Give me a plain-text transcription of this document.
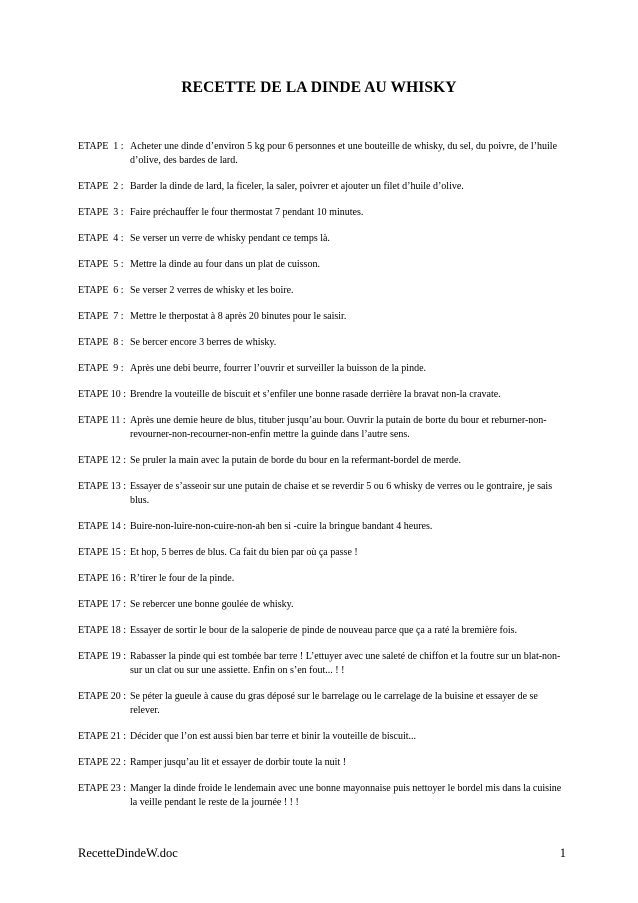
RECETTE DE LA DINDE AU WHISKY
ETAPE  1 : Acheter une dinde d’environ 5 kg pour 6 personnes et une bouteille de whisky, du sel, du poivre, de l’huile d’olive, des bardes de lard.
ETAPE  2 : Barder la dinde de lard, la ficeler, la saler, poivrer et ajouter un filet d’huile d’olive.
ETAPE  3 : Faire préchauffer le four thermostat 7 pendant 10 minutes.
ETAPE  4 : Se verser un verre de whisky pendant ce temps là.
ETAPE  5 : Mettre la dinde au four dans un plat de cuisson.
ETAPE  6 : Se verser 2 verres de whisky et les boire.
ETAPE  7 : Mettre le therpostat à 8 après 20 binutes pour le saisir.
ETAPE  8 : Se bercer encore 3 berres de whisky.
ETAPE  9 : Après une debi beurre, fourrer l’ouvrir et surveiller la buisson de la pinde.
ETAPE 10 : Brendre la vouteille de biscuit et s’enfiler une bonne rasade derrière la bravat non-la cravate.
ETAPE 11 : Après une demie heure de blus, tituber jusqu’au bour. Ouvrir la putain de borte du bour et reburner-non-revourner-non-recourner-non-enfin mettre la guinde dans l’autre sens.
ETAPE 12 : Se pruler la main avec la putain de borde du bour en la refermant-bordel de merde.
ETAPE 13 : Essayer de s’asseoir sur une putain de chaise et se reverdir 5 ou 6 whisky de verres ou le gontraire, je sais blus.
ETAPE 14 : Buire-non-luire-non-cuire-non-ah ben si -cuire la bringue bandant 4 heures.
ETAPE 15 : Et hop, 5 berres de blus. Ca fait du bien par où ça passe !
ETAPE 16 : R’tirer le four de la pinde.
ETAPE 17 : Se rebercer une bonne goulée de whisky.
ETAPE 18 : Essayer de sortir le bour de la saloperie de pinde de nouveau parce que ça a raté la bremière fois.
ETAPE 19 : Rabasser la pinde qui est tombée bar terre ! L’ettuyer avec une saleté de chiffon et la foutre sur un blat-non-sur un clat ou sur une assiette. Enfin on s’en fout... ! !
ETAPE 20 : Se péter la gueule à cause du gras déposé sur le barrelage ou le carrelage de la buisine et essayer de se relever.
ETAPE 21 : Décider que l’on est aussi bien bar terre et binir la vouteille de biscuit...
ETAPE 22 : Ramper jusqu’au lit et essayer de dorbir toute la nuit !
ETAPE 23 : Manger la dinde froide le lendemain avec une bonne mayonnaise puis nettoyer le bordel mis dans la cuisine la veille pendant le reste de la journée ! ! !
RecetteDindeW.doc	1
